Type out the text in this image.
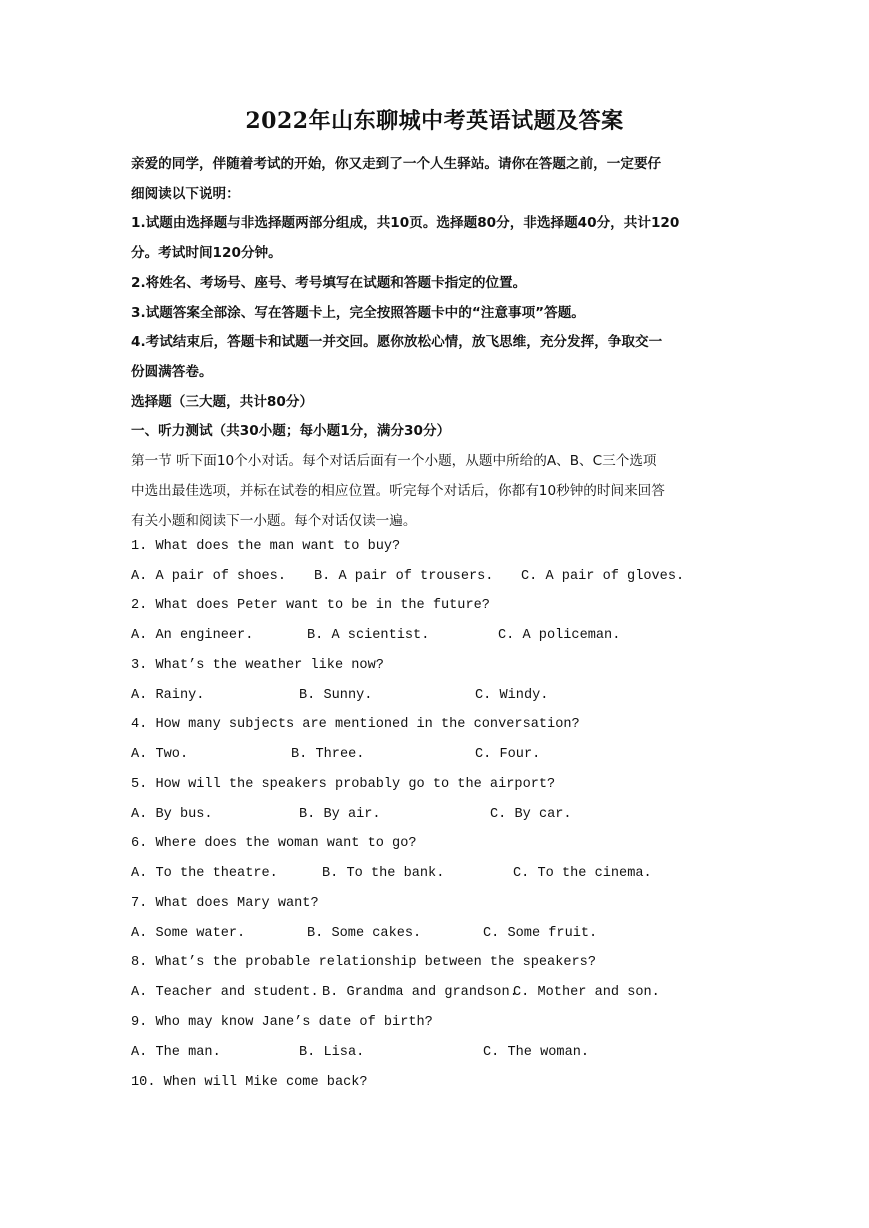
2022年山东聊城中考英语试题及答案
亲爱的同学，伴随着考试的开始，你又走到了一个人生驿站。请你在答题之前，一定要仔
细阅读以下说明：
1.试题由选择题与非选择题两部分组成，共10页。选择题80分，非选择题40分，共计120
分。考试时间120分钟。
2.将姓名、考场号、座号、考号填写在试题和答题卡指定的位置。
3.试题答案全部涂、写在答题卡上，完全按照答题卡中的“注意事项”答题。
4.考试结束后，答题卡和试题一并交回。愿你放松心情，放飞思维，充分发挥，争取交一
份圆满答卷。
选择题（三大题，共计80分）
一、听力测试（共30小题；每小题1分，满分30分）
第一节 听下面10个小对话。每个对话后面有一个小题，从题中所给的A、B、C三个选项
中选出最佳选项，并标在试卷的相应位置。听完每个对话后，你都有10秒钟的时间来回答
有关小题和阅读下一小题。每个对话仅读一遍。
1. What does the man want to buy?
A. A pair of shoes. B. A pair of trousers. C. A pair of gloves.
2. What does Peter want to be in the future?
A. An engineer.	B. A scientist.	C. A policeman.
3. What’s the weather like now?
A. Rainy.	B. Sunny.	C. Windy.
4. How many subjects are mentioned in the conversation?
A. Two.	B. Three.	C. Four.
5. How will the speakers probably go to the airport?
A. By bus.	B. By air.	C. By car.
6. Where does the woman want to go?
A. To the theatre.	B. To the bank.	C. To the cinema.
7. What does Mary want?
A. Some water.	B. Some cakes.	C. Some fruit.
8. What’s the probable relationship between the speakers?
A. Teacher and student. B. Grandma and grandson.
C. Mother and son.
9. Who may know Jane’s date of birth?
A. The man.	B. Lisa.	C. The woman.
10. When will Mike come back?
